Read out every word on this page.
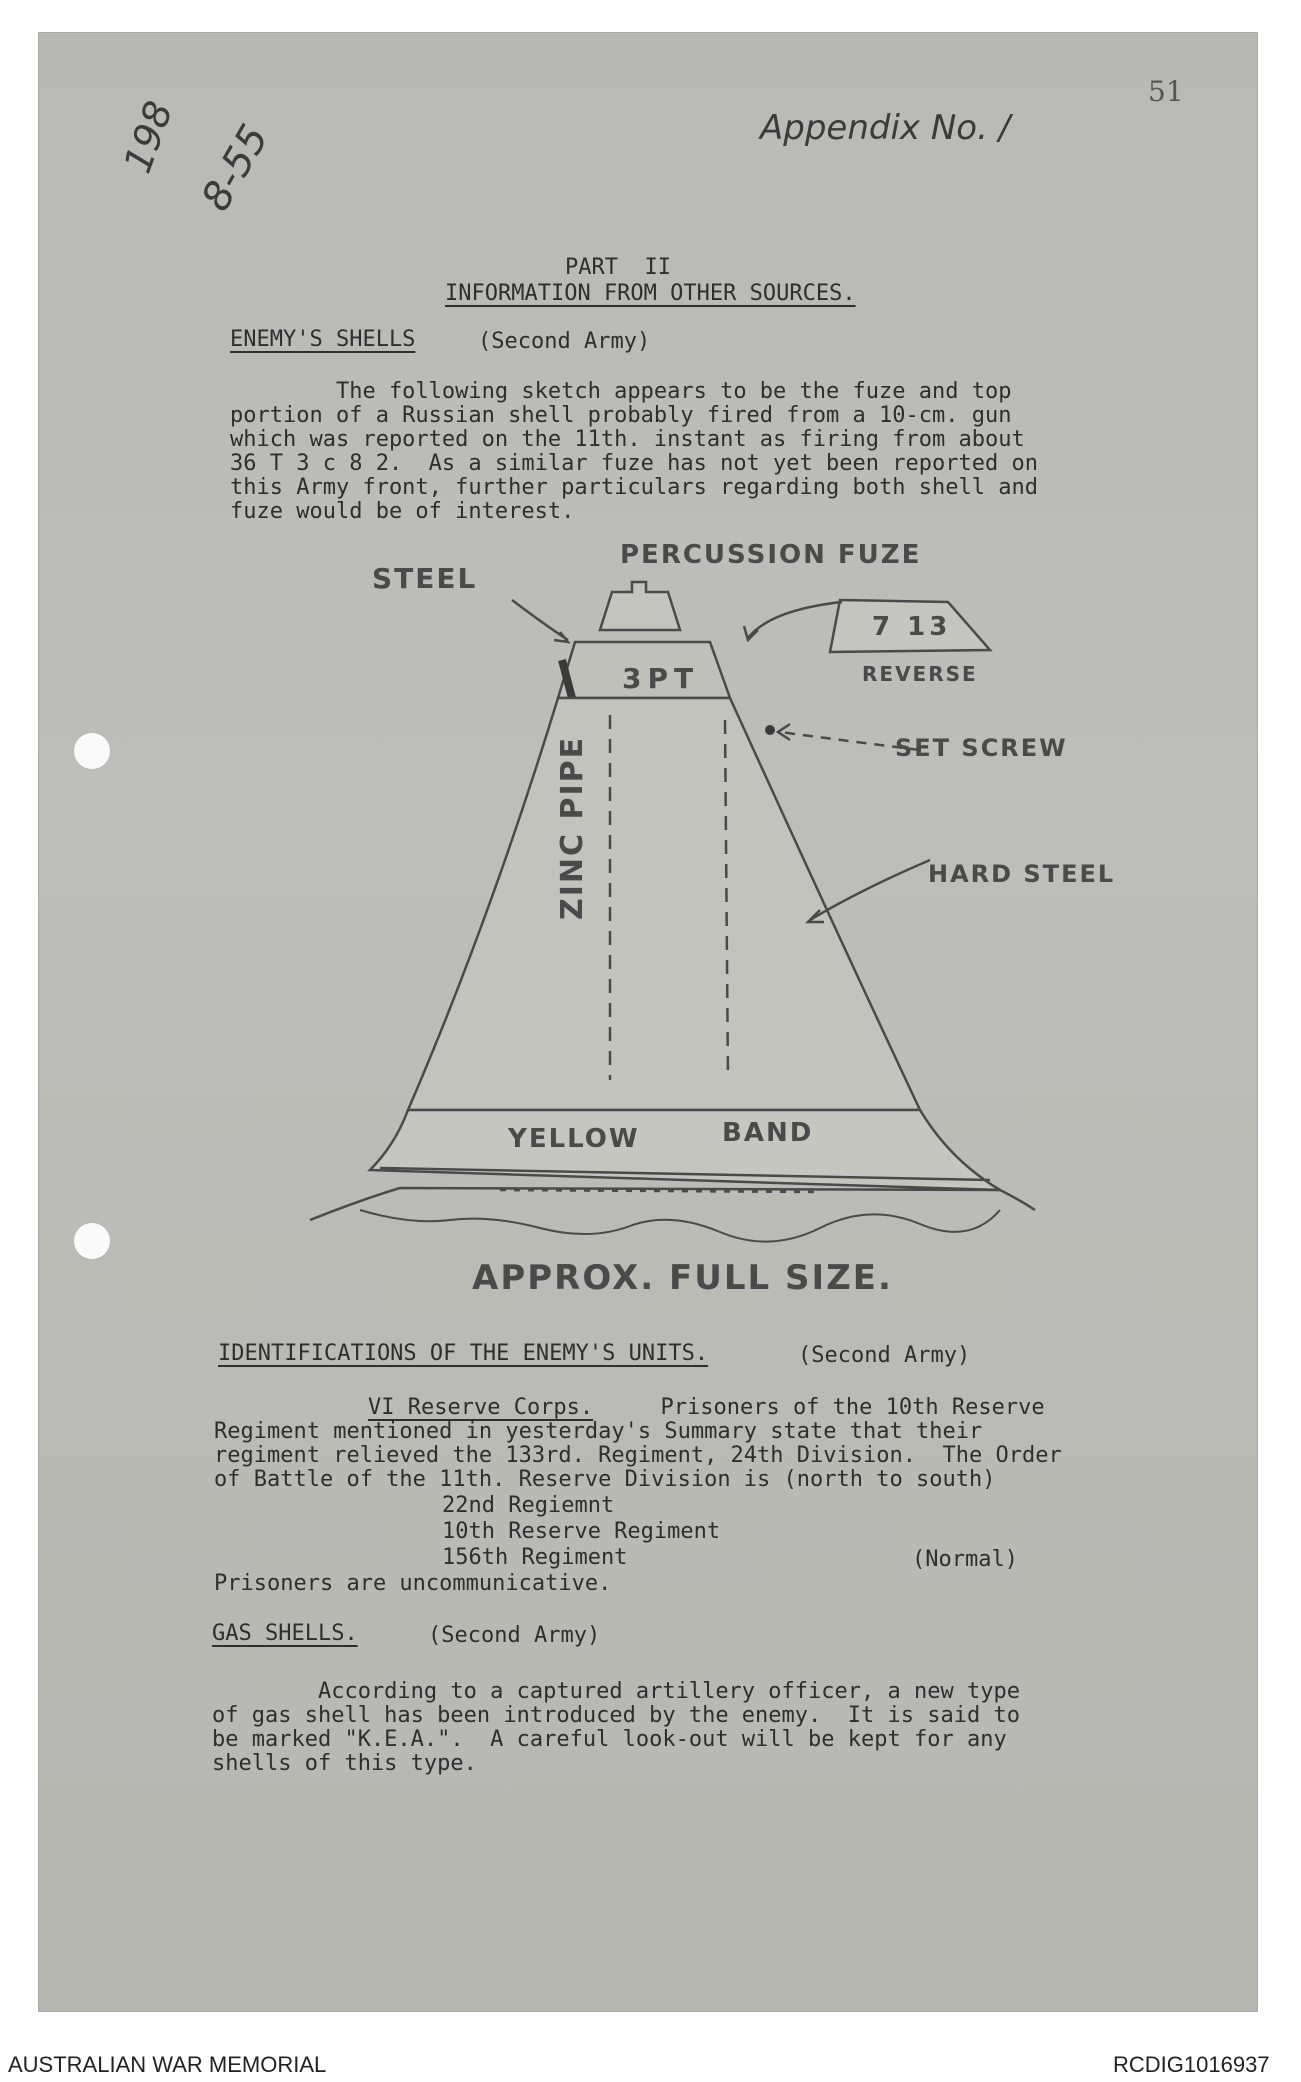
198 8-55
51
Appendix No. /
PART  II
INFORMATION FROM OTHER SOURCES.
ENEMY'S SHELLS	(Second Army)
The following sketch appears to be the fuze and top
portion of a Russian shell probably fired from a 10-cm. gun
which was reported on the 11th. instant as firing from about
36 T 3 c 8 2.  As a similar fuze has not yet been reported on
this Army front, further particulars regarding both shell and
fuze would be of interest.
PERCUSSION FUZE
STEEL
3PT
7 13
REVERSE
SET SCREW
HARD STEEL
ZINC PIPE
YELLOW	BAND
APPROX. FULL SIZE.
IDENTIFICATIONS OF THE ENEMY'S UNITS.	(Second Army)
VI Reserve Corps. Prisoners of the 10th Reserve
Regiment mentioned in yesterday's Summary state that their
regiment relieved the 133rd. Regiment, 24th Division.  The Order
of Battle of the 11th. Reserve Division is (north to south)
22nd Regiemnt
10th Reserve Regiment
156th Regiment	(Normal)
Prisoners are uncommunicative.
GAS SHELLS.	(Second Army)
According to a captured artillery officer, a new type
of gas shell has been introduced by the enemy.  It is said to
be marked "K.E.A.".  A careful look-out will be kept for any
shells of this type.
AUSTRALIAN WAR MEMORIAL	RCDIG1016937
